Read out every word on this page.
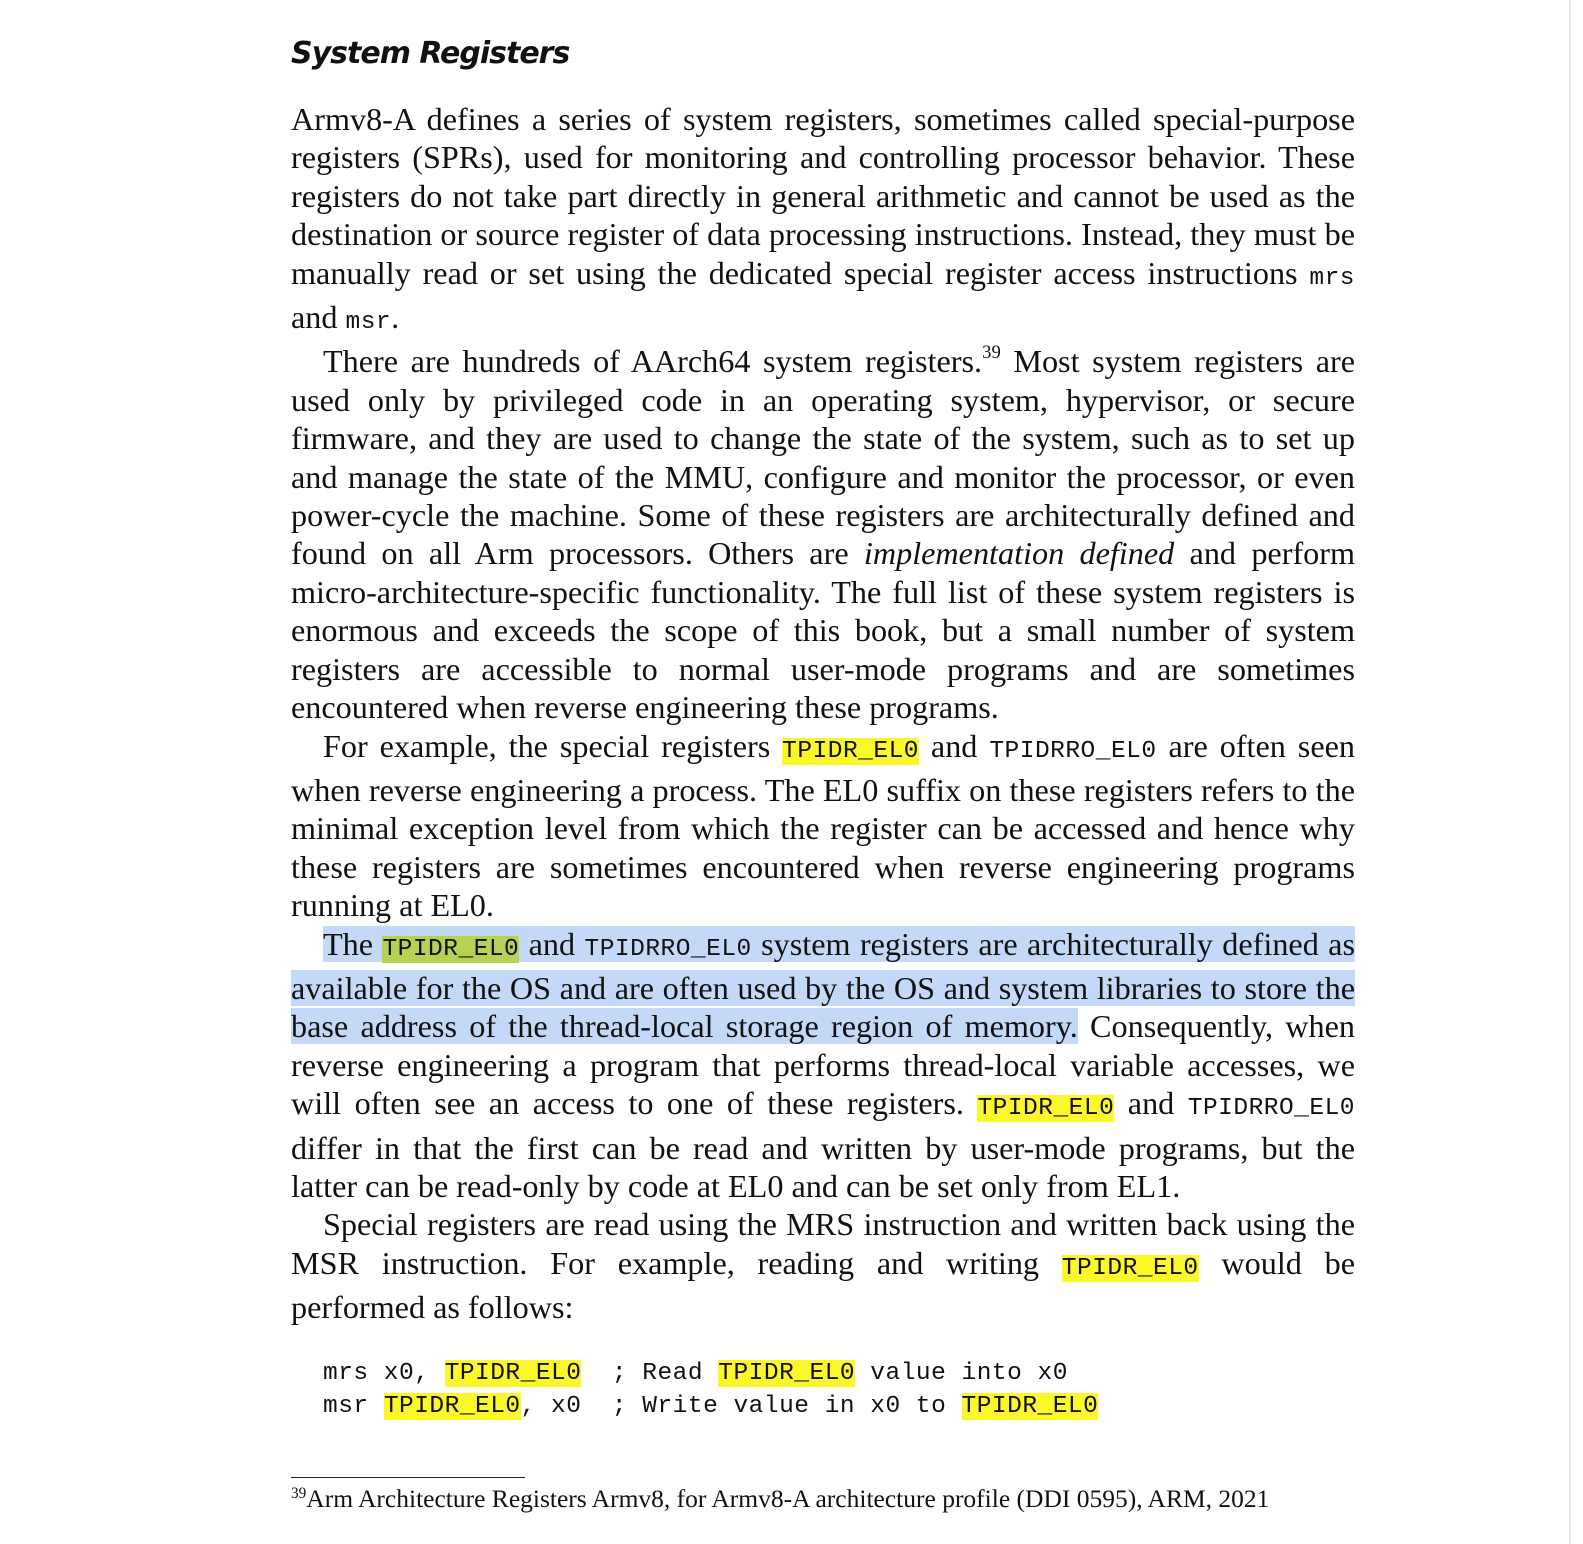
System Registers

Armv8-A defines a series of system registers, sometimes called special-purpose registers (SPRs), used for monitoring and controlling processor behavior. These registers do not take part directly in general arithmetic and cannot be used as the destination or source register of data processing instructions. Instead, they must be manually read or set using the dedicated special register access instructions mrs and msr.

There are hundreds of AArch64 system registers.$^{39}$ Most system registers are used only by privileged code in an operating system, hypervisor, or secure firmware, and they are used to change the state of the system, such as to set up and manage the state of the MMU, configure and monitor the processor, or even power-cycle the machine. Some of these registers are architecturally defined and found on all Arm processors. Others are implementation defined and perform micro-architecture-specific functionality. The full list of these system registers is enormous and exceeds the scope of this book, but a small number of system registers are accessible to normal user-mode programs and are sometimes encountered when reverse engineering these programs.

For example, the special registers TPIDR_EL0 and TPIDRRO_EL0 are often seen when reverse engineering a process. The EL0 suffix on these registers refers to the minimal exception level from which the register can be accessed and hence why these registers are sometimes encountered when reverse engineering programs running at EL0.

The TPIDR_EL0 and TPIDRRO_EL0 system registers are architecturally defined as available for the OS and are often used by the OS and system libraries to store the base address of the thread-local storage region of memory. Consequently, when reverse engineering a program that performs thread-local variable accesses, we will often see an access to one of these registers. TPIDR_EL0 and TPIDRRO_EL0 differ in that the first can be read and written by user-mode programs, but the latter can be read-only by code at EL0 and can be set only from EL1.

Special registers are read using the MRS instruction and written back using the MSR instruction. For example, reading and writing TPIDR_EL0 would be performed as follows:

mrs x0, TPIDR_EL0  ; Read TPIDR_EL0 value into x0
msr TPIDR_EL0, x0  ; Write value in x0 to TPIDR_EL0
$^{39}$Arm Architecture Registers Armv8, for Armv8-A architecture profile (DDI 0595), ARM, 2021
